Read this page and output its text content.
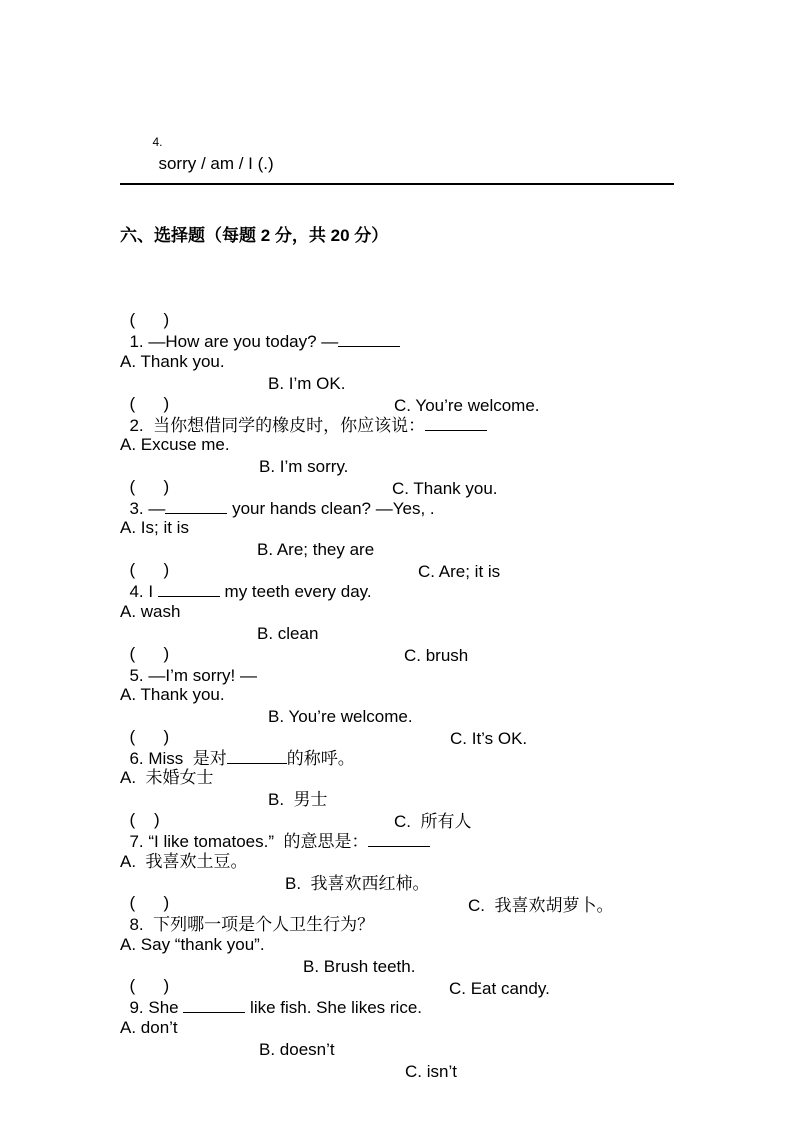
4.
sorry / am / I (.)

六、选择题（每题 2 分，共 20 分）

(      )
1. —How are you today? —

A. Thank you.

B. I’m OK.

C. You’re welcome.

(      )
2.  当你想借同学的橡皮时，你应该说：

A. Excuse me.

B. I’m sorry.

C. Thank you.

(      )
3. —	your hands clean? —Yes, .

A. Is; it is

B. Are; they are

C. Are; it is

(      )
4. I	my teeth every day.

A. wash

B. clean

C. brush

(      )
5. —I’m sorry! —

A. Thank you.

B. You’re welcome.

C. It’s OK.

(      )
6. Miss  是对	的称呼。

A.  未婚女士

B.  男士

C.  所有人

(    )
7. “I like tomatoes.”  的意思是：

A.  我喜欢土豆。

B.  我喜欢西红柿。

C.  我喜欢胡萝卜。

(      )
8.  下列哪一项是个人卫生行为？

A. Say “thank you”.

B. Brush teeth.

C. Eat candy.

(      )
9. She	like fish. She likes rice.

A. don’t

B. doesn’t

C. isn’t
